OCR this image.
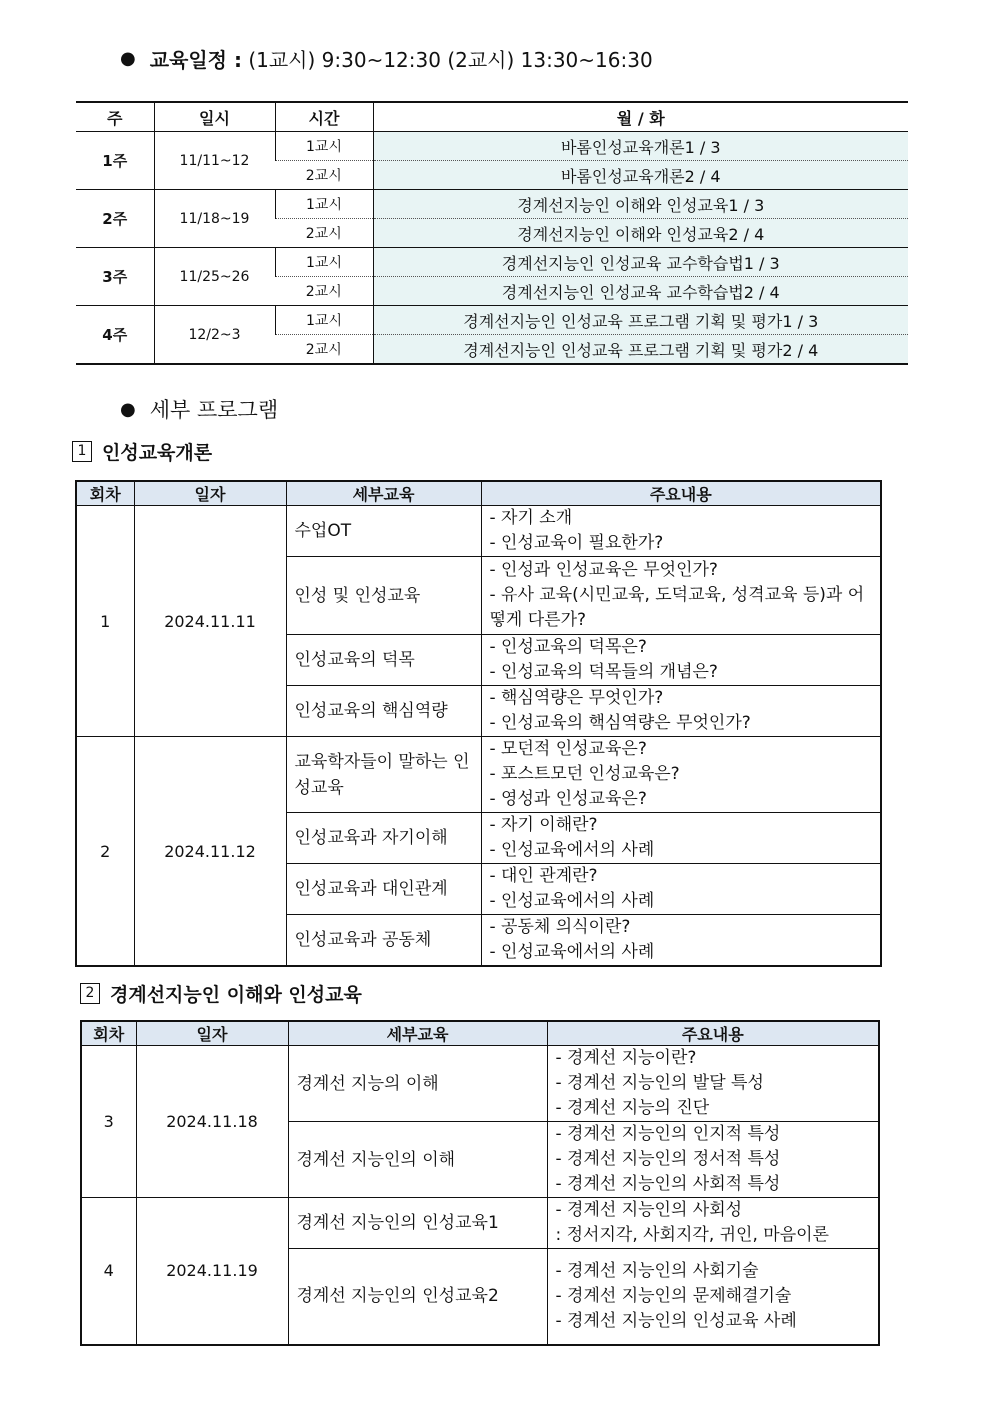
● 교육일정 :
(1교시) 9:30~12:30 (2교시) 13:30~16:30
주	일시	시간	월 / 화
1주	11/11~12	1교시	바롬인성교육개론1 / 3
		2교시	바롬인성교육개론2 / 4
2주	11/18~19	1교시	경계선지능인 이해와 인성교육1 / 3
		2교시	경계선지능인 이해와 인성교육2 / 4
3주	11/25~26	1교시	경계선지능인 인성교육 교수학습법1 / 3
		2교시	경계선지능인 인성교육 교수학습법2 / 4
4주	12/2~3	1교시	경계선지능인 인성교육 프로그램 기획 및 평가1 / 3
		2교시	경계선지능인 인성교육 프로그램 기획 및 평가2 / 4
● 세부 프로그램
1 인성교육개론
회차	일자	세부교육	주요내용
1	2024.11.11	수업OT	- 자기 소개
- 인성교육이 필요한가?

		인성 및 인성교육	- 인성과 인성교육은 무엇인가?
- 유사 교육(시민교육, 도덕교육, 성격교육 등)과 어떻게 다른가?

		인성교육의 덕목	- 인성교육의 덕목은?
- 인성교육의 덕목들의 개념은?

		인성교육의 핵심역량	- 핵심역량은 무엇인가?
- 인성교육의 핵심역량은 무엇인가?

2	2024.11.12	교육학자들이 말하는 인성교육	- 모던적 인성교육은?
- 포스트모던 인성교육은?
- 영성과 인성교육은?

		인성교육과 자기이해	- 자기 이해란?
- 인성교육에서의 사례

		인성교육과 대인관계	- 대인 관계란?
- 인성교육에서의 사례

		인성교육과 공동체	- 공동체 의식이란?
- 인성교육에서의 사례
2 경계선지능인 이해와 인성교육
회차	일자	세부교육	주요내용
3	2024.11.18	경계선 지능의 이해	- 경계선 지능이란?
- 경계선 지능인의 발달 특성
- 경계선 지능의 진단

		경계선 지능인의 이해	- 경계선 지능인의 인지적 특성
- 경계선 지능인의 정서적 특성
- 경계선 지능인의 사회적 특성

4	2024.11.19	경계선 지능인의 인성교육1	- 경계선 지능인의 사회성
: 정서지각, 사회지각, 귀인, 마음이론

		경계선 지능인의 인성교육2	- 경계선 지능인의 사회기술
- 경계선 지능인의 문제해결기술
- 경계선 지능인의 인성교육 사례
